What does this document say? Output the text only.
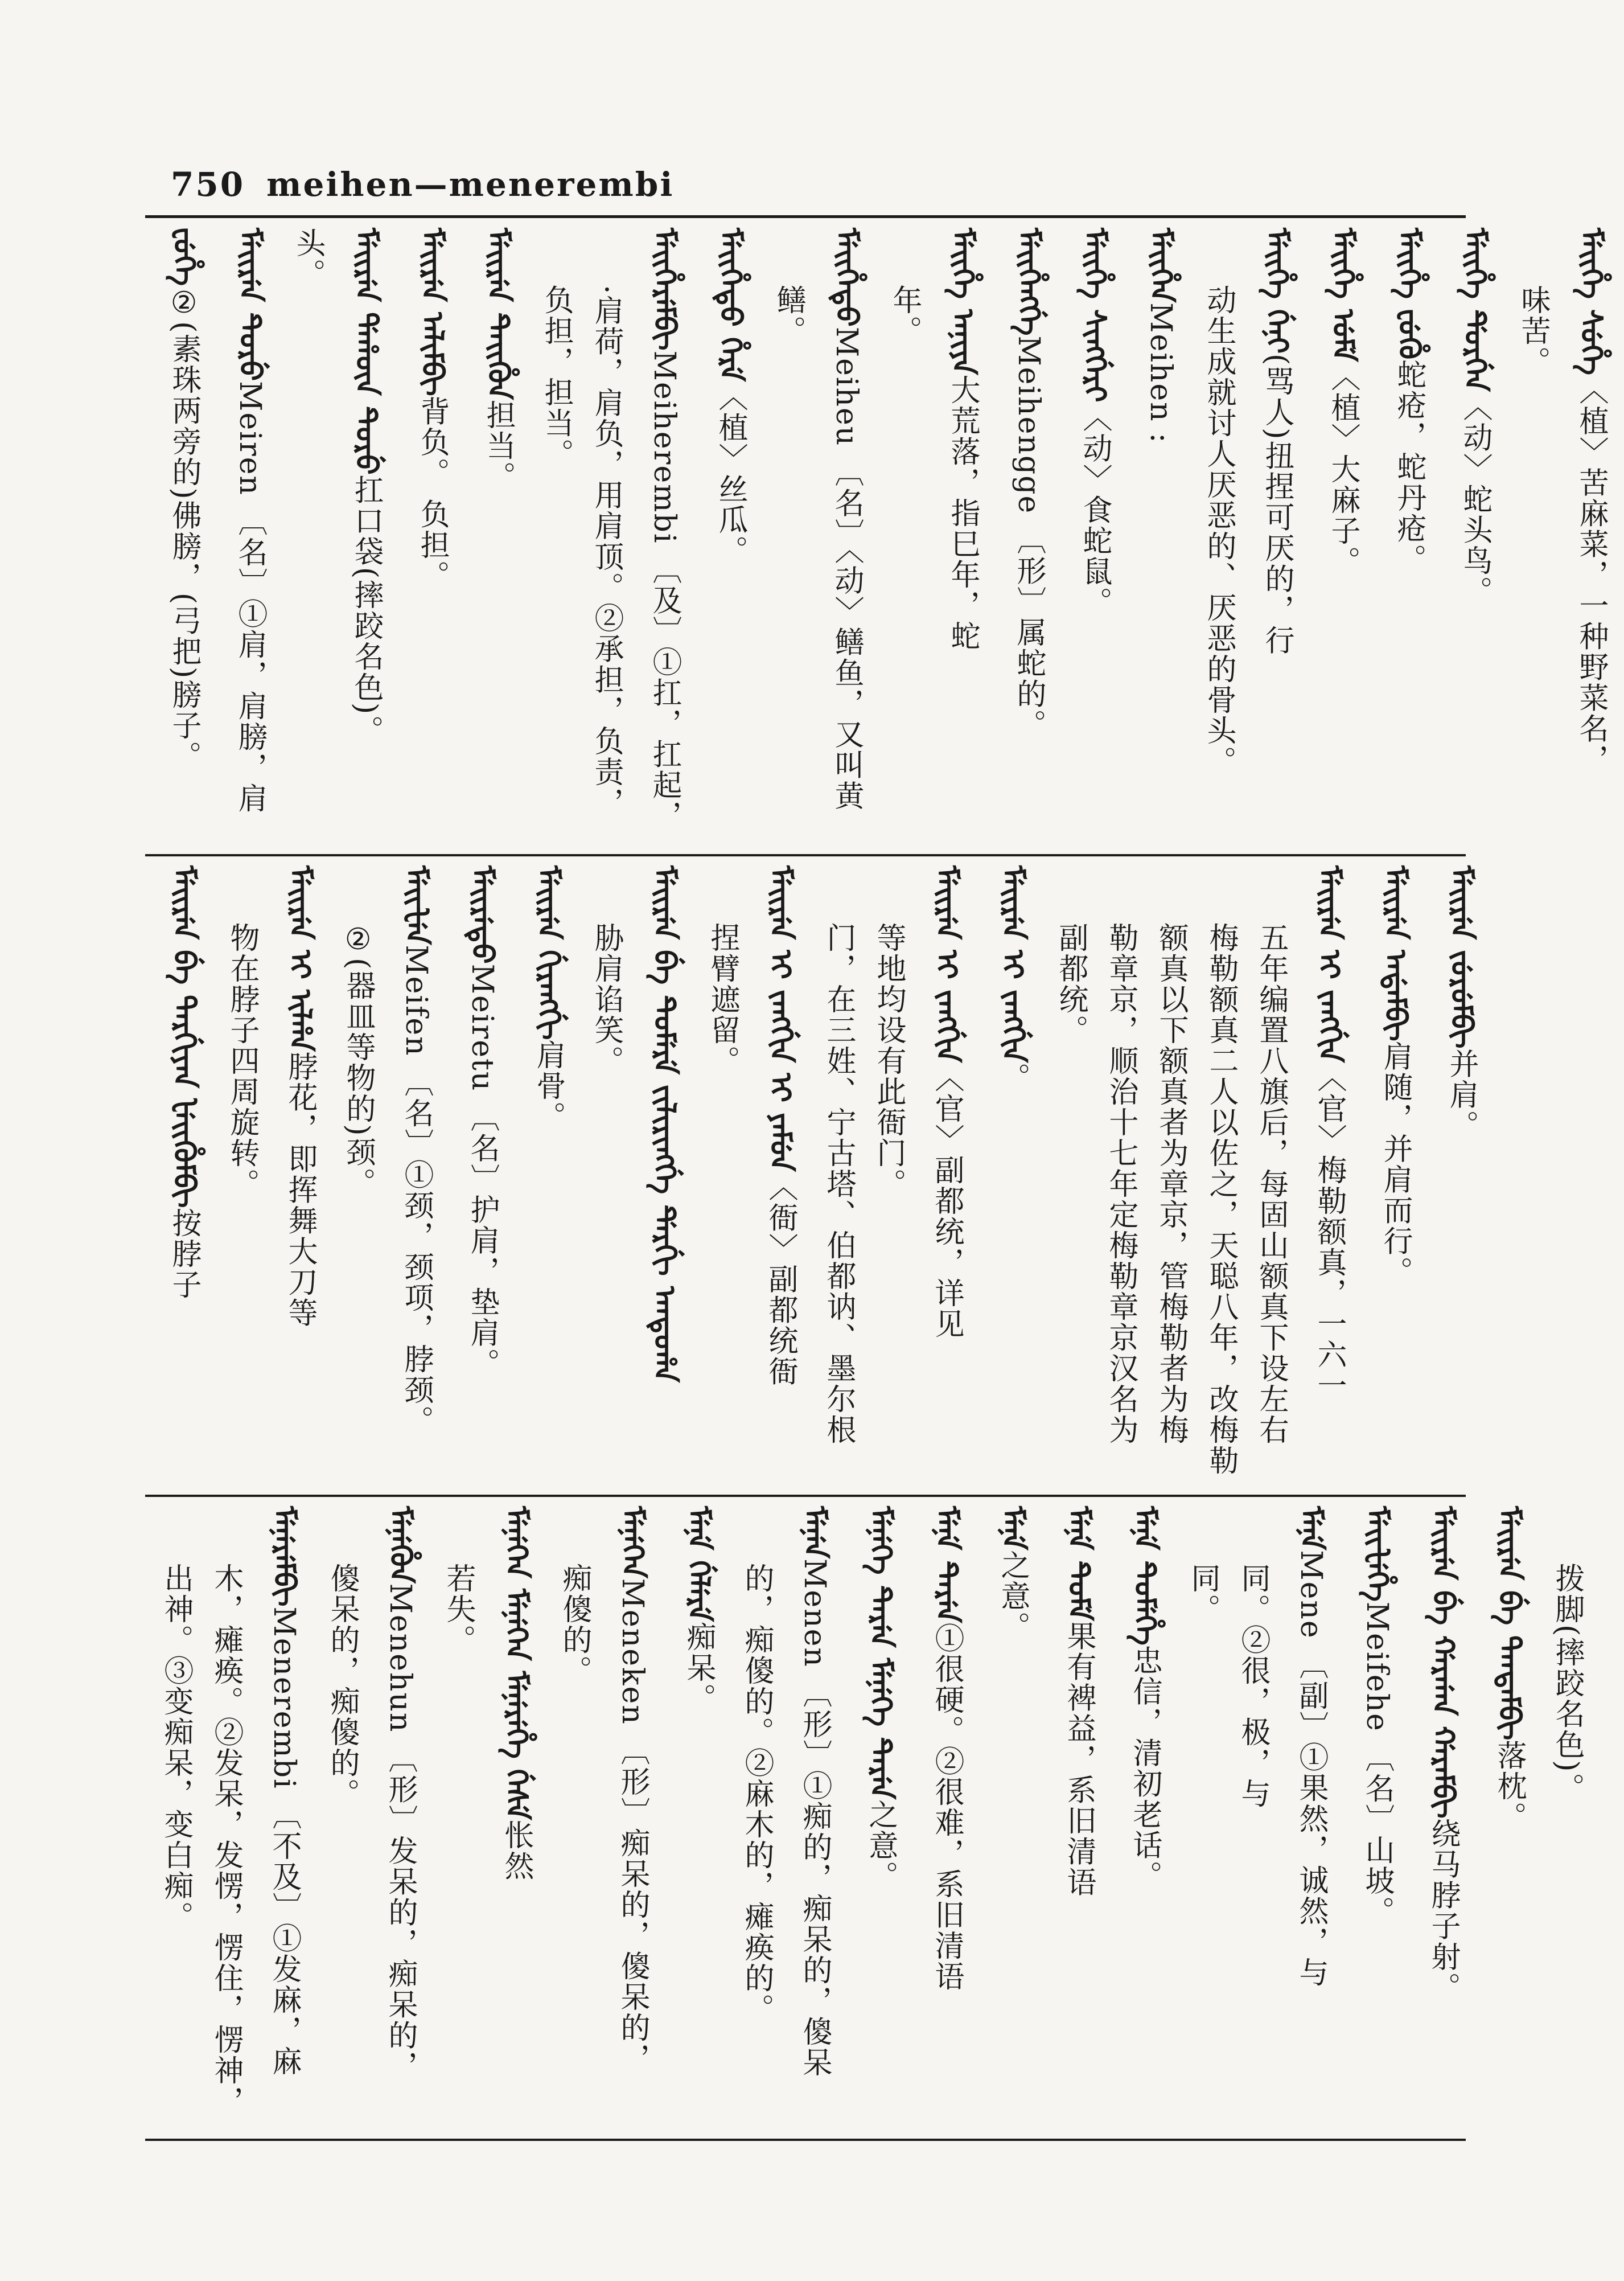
750 meihen—menerembi
ᡶᡠᡥᡝ②(素珠两旁的)佛膀，(弓把)膀子。	ᠮᡝᡳᡵᡝᠨ ᡨᡠᡵᡠMeiren 〔名〕①肩，肩膀，肩头。 ᠮᡝᡳᡵᡝᠨ ᡩᠠᡥᡡᠨ ᡨᡠᡵᡠ扛口袋(摔跤名色)。
ᠮᡝᡳᡵᡝᠨ ᠠᠯᡳᠮᠪᡳ背负。 负担。
ᠮᡝᡳᡵᡝᠨ ᡨᡝᡳᡥᡠᠨ担当。 负担，担当。 ·肩荷，肩负，用肩顶。②承担，负责， ᠮᡝᡳᡥᡝᡵᡝᠮᠪᡳMeiherembi 〔及〕①扛，扛起，
ᠮᡝᡳᡥᡝᡨᡠ ᡥᡝᡵᡝ〈植〉丝瓜。
鳝。 ᠮᡝᡳᡥᡝᡨᡠMeiheu 〔名〕〈动〉鳝鱼，又叫黄
年。 ᠮᡝᡳᡥᡝ ᠠᠨᡳᠶᠠ大荒落，指巳年，蛇
ᠮᡝᡳᡥᡝᠩᡤᡝMeihengge 〔形〕属蛇的。
ᠮᡝᡳᡥᡝ ᠰᡳᠩᡤᡝᡵᡳ〈动〉食蛇鼠。
ᠮᡝᡳᡥᡝᠨMeihen : 动生成就讨人厌恶的、厌恶的骨头。 ᠮᡝᡳᡥᡝ ᡤᡝᠨᡳ(骂人)扭捏可厌的，行
ᠮᡝᡳᡥᡝ ᡠᠮᡝ〈植〉大麻子。
ᠮᡝᡳᡥᡝ ᡶᡠᡥᡠ蛇疮，蛇丹疮。
ᠮᡝᡳᡥᡝ ᡩᡠᡵᡤᡝᠨ〈动〉蛇头鸟。
味苦。 ᠮᡝᡳᡥᡝ ᠰᡠᡥᡝ〈植〉苦麻菜，一种野菜名，
ᠮᡝᡳᡵᡝᠨ ᠪᡝ ᡨᠠᡵᡤᡳᠶᠠᠨ ᡶᡝᡳᡥᡠᠮᠪᡳ按脖子
物在脖子四周旋转。 ᠮᡝᡳᡵᡝᠨ ᡳ ᡳᠯᡥᠠ脖花，即挥舞大刀等 ②(器皿等物的)颈。
ᠮᡝᡳᡶᡝᠨMeifen 〔名〕①颈，颈项，脖颈。
ᠮᡝᡳᡵᡝᡨᡠMeiretu 〔名〕护肩，垫肩。
ᠮᡝᡳᡵᡝᠨ ᡤᡳᡵᠠᠩᡤᡳ肩骨。
胁肩谄笑。 ᠮᡝᡳᡵᡝᠨ ᠪᡝ ᡨᡠᠮᡝᡵᡝ ᠵᡳᠯᡳᡵᡳᠩᡤᡝ ᡩᡝᡵᡤᡳ ᠠᠨᡨᡠᡥᠠ 捏臂遮留。 ᠮᡝᡳᡵᡝᠨ ᡳ ᠵᠠᠩᡤᡳᠨ ᡳ ᠶᠠᠮᡠᠨ〈衙〉副都统衙 门，在三姓、宁古塔、伯都讷、墨尔根 等地均设有此衙门。 ᠮᡝᡳᡵᡝᠨ ᡳ ᠵᠠᠩᡤᡳᠨ〈官〉副都统，详见
ᠮᡝᡳᡵᡝᠨ ᡳ ᠵᠠᠩᡤᡳᠨ。
副都统。 勒章京，顺治十七年定梅勒章京汉名为 额真以下额真者为章京，管梅勒者为梅 梅勒额真二人以佐之，天聪八年，改梅勒 五年编置八旗后，每固山额真下设左右 ᠮᡝᡳᡵᡝᠨ ᡳ ᠵᠠᠩᡤᡳᠨ〈官〉梅勒额真，一六一
ᠮᡝᡳᡵᡝᠨ ᠠᡩᠠᠮᠪᡳ肩随，并肩而行。
ᠮᡝᡳᡵᡝᠨ ᠵᡠᡵᡠᠮᠪᡳ并肩。
出神。③变痴呆，变白痴。 木，瘫痪。②发呆，发愣，愣住，愣神，
ᠮᡝᠨᡝᡵᡝᠮᠪᡳMenerembi 〔不及〕①发麻，麻 傻呆的，痴傻的。
ᠮᡝᠨᡝᡥᡠᠨMenehun 〔形〕发呆的，痴呆的， 若失。 ᠮᡝᠨᡝᡴᡝᠨ ᠮᡝᠨᡝᡴᡝᠨ ᠮᡝᠨᡝᡵᡝᡥᡝ ᡤᡝᠰᡝ怅然
痴傻的。
ᠮᡝᠨᡝᡴᡝᠨMeneken 〔形〕痴呆的，傻呆的，
ᠮᡝᠨᡝ ᡤᡝᠯᡝᡵᡝ痴呆。 的，痴傻的。②麻木的，瘫痪的。
ᠮᡝᠨᡝᠨMenen 〔形〕①痴的，痴呆的，傻呆	ᠮᡝᠨᡝᡴᡝ ᡨᡝᡵᡝᠨ ᠮᡝᠨᡝᡴᡝ ᡨᡝᡵᡝᠨ之意。
ᠮᡝᠨᡝ ᡨᡝᡵᡝᠨ①很硬。②很难，系旧清语
ᠮᡝᠨᡝ之意。	ᠮᡝᠨᡝ ᡨᡠᠮᡝ果有裨益，系旧清语
ᠮᡝᠨᡝ ᡨᡠᠮᡝᡥᡝ忠信，清初老话。
同。 同。②很，极，与
ᠮᡝᠨᡝMene 〔副〕①果然，诚然，与	ᠮᡝᡳᡶᡝᡥᡝMeifehe 〔名〕山坡。	ᠮᡝᡳᡵᡝᠨ ᠪᡝ ᡤᠠᡵᡤᠠᠨ ᡤᠠᡵᠠᠮᠪᡳ绕马脖子射。
ᠮᡝᡳᡵᡝᠨ ᠪᡝ ᡨᠠᠨᡨᠠᠮᠪᡳ落枕。 拨脚(摔跤名色)。
